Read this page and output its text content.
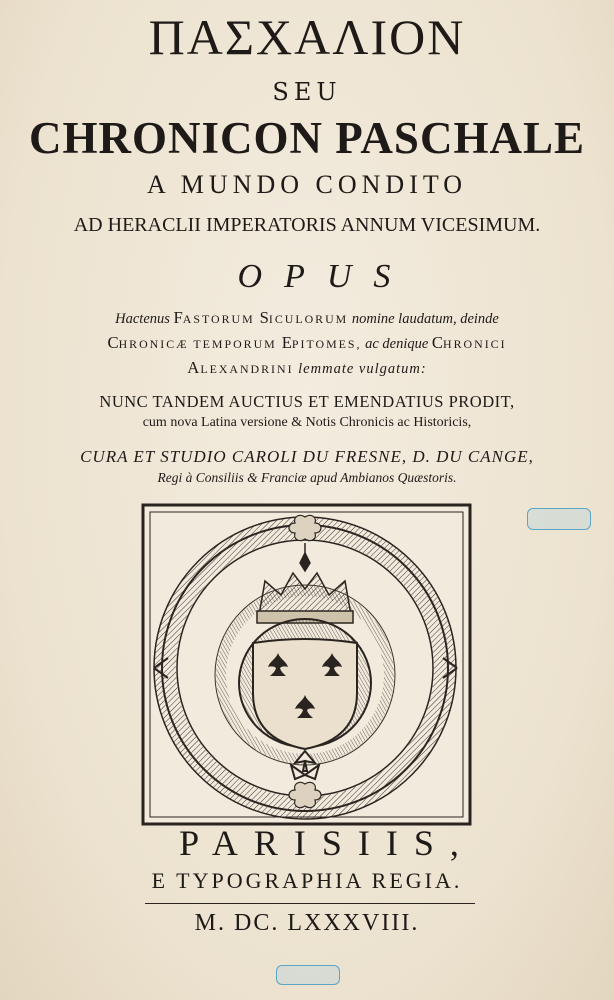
ΠΑΣΧΑΛΙΟΝ
SEU
CHRONICON PASCHALE
A MUNDO CONDITO
AD HERACLII IMPERATORIS ANNUM VICESIMUM.
OPUS
Hactenus FASTORUM SICULORUM nomine laudatum, deinde
CHRONICÆ TEMPORUM EPITOMES, ac denique CHRONICI
ALEXANDRINI lemmate vulgatum:
NUNC TANDEM AUCTIUS ET EMENDATIUS PRODIT,
cum nova Latina versione & Notis Chronicis ac Historicis,
CURA ET STUDIO CAROLI DU FRESNE, D. DU CANGE,
Regi à Consiliis & Franciæ apud Ambianos Quæstoris.
PARISIIS,
E TYPOGRAPHIA REGIA.
M. DC. LXXXVIII.
